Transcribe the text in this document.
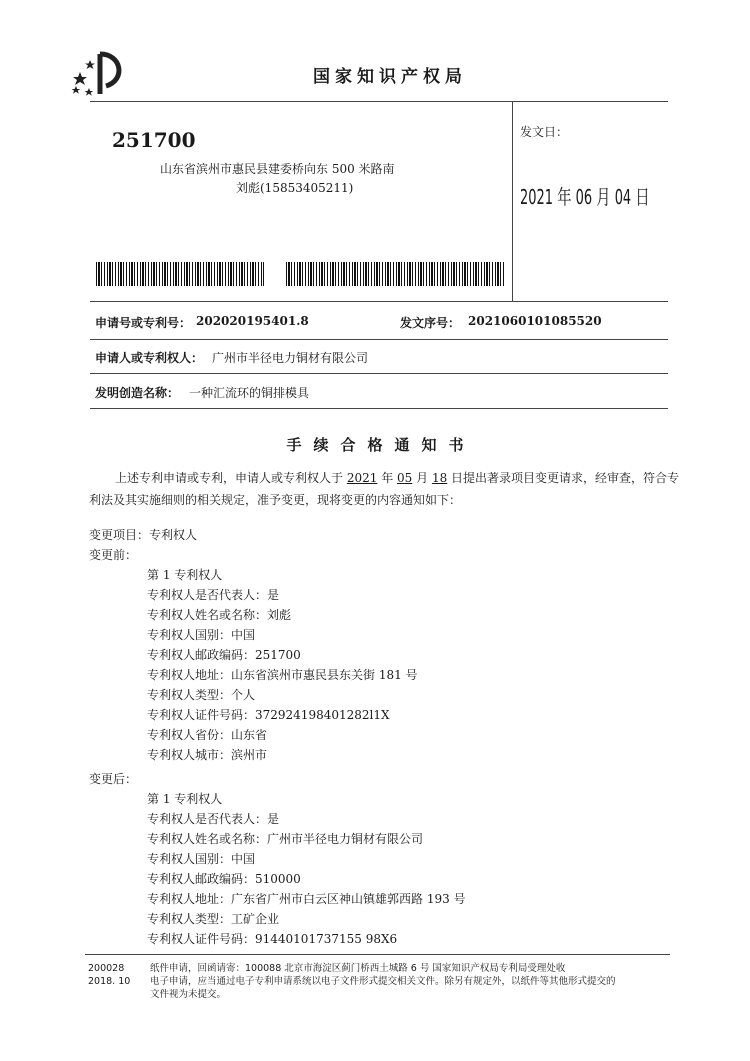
国家知识产权局
251700
山东省滨州市惠民县建委桥向东 500 米路南
刘彪(15853405211)
发文日：
2021 年 06 月 04 日
申请号或专利号： 202020195401.8	发文序号： 2021060101085520
申请人或专利权人： 广州市半径电力铜材有限公司
发明创造名称： 一种汇流环的铜排模具
手续合格通知书
上述专利申请或专利，申请人或专利权人于 2021 年 05 月 18 日提出著录项目变更请求，经审查，符合专
利法及其实施细则的相关规定，准予变更，现将变更的内容通知如下：
变更项目：专利权人
变更前：
第 1 专利权人
专利权人是否代表人：是
专利权人姓名或名称：刘彪
专利权人国别：中国
专利权人邮政编码：251700
专利权人地址：山东省滨州市惠民县东关街 181 号
专利权人类型：个人
专利权人证件号码：372924198401282l1X
专利权人省份：山东省
专利权人城市：滨州市
变更后：
第 1 专利权人
专利权人是否代表人：是
专利权人姓名或名称：广州市半径电力铜材有限公司
专利权人国别：中国
专利权人邮政编码：510000
专利权人地址：广东省广州市白云区神山镇雄郭西路 193 号
专利权人类型：工矿企业
专利权人证件号码：91440101737155 98X6
200028
2018. 10
纸件申请，回函请寄：100088 北京市海淀区蓟门桥西土城路 6 号 国家知识产权局专利局受理处收
电子申请，应当通过电子专利申请系统以电子文件形式提交相关文件。除另有规定外，以纸件等其他形式提交的
文件视为未提交。
